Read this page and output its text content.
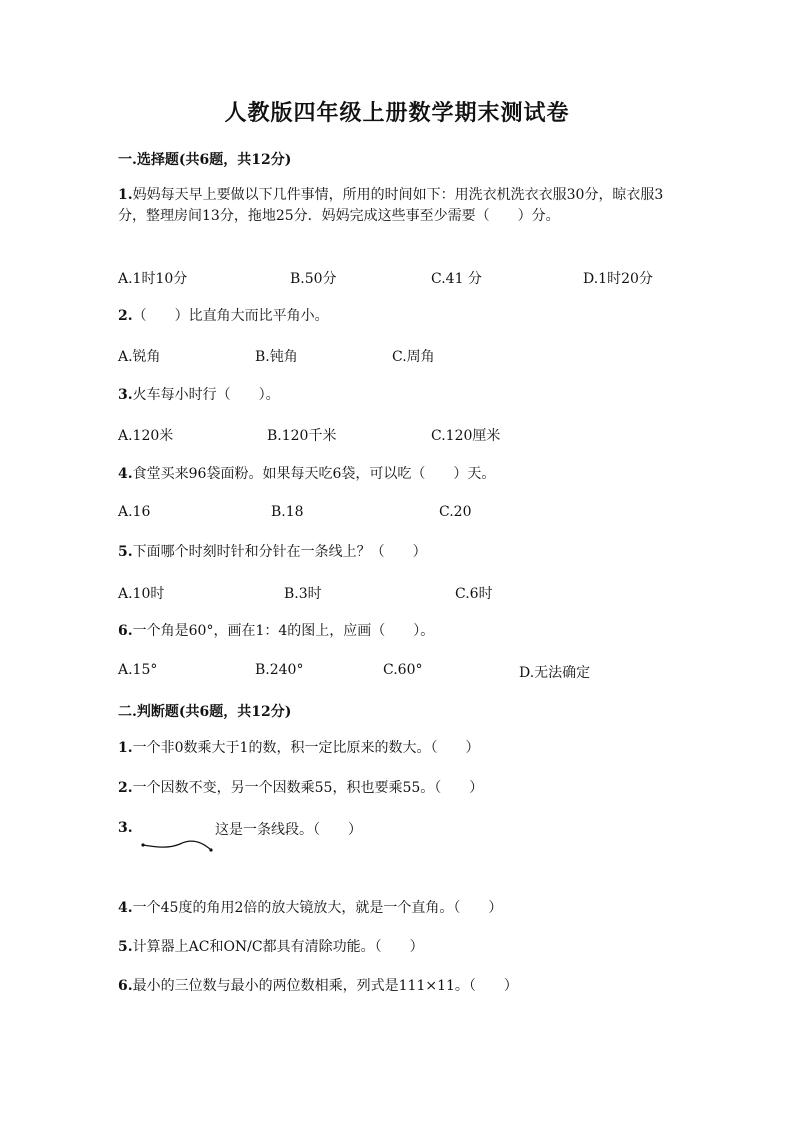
人教版四年级上册数学期末测试卷
一.选择题(共6题，共12分)
1.妈妈每天早上要做以下几件事情，所用的时间如下：用洗衣机洗衣衣服30分，晾衣服3分，整理房间13分，拖地25分．妈妈完成这些事至少需要（　　）分。
A.1时10分	B.50分	C.41 分	D.1时20分
2.（　　）比直角大而比平角小。
A.锐角	B.钝角	C.周角
3.火车每小时行（　　）。
A.120米	B.120千米	C.120厘米
4.食堂买来96袋面粉。如果每天吃6袋，可以吃（　　）天。
A.16	B.18	C.20
5.下面哪个时刻时针和分针在一条线上？（　　）
A.10时	B.3时	C.6时
6.一个角是60°，画在1：4的图上，应画（　　）。
A.15°	B.240°	C.60°	D.无法确定
二.判断题(共6题，共12分)
1.一个非0数乘大于1的数，积一定比原来的数大。（　　）
2.一个因数不变，另一个因数乘55，积也要乘55。（　　）
3.	这是一条线段。（　　）
4.一个45度的角用2倍的放大镜放大，就是一个直角。（　　）
5.计算器上AC和ON/C都具有清除功能。（　　）
6.最小的三位数与最小的两位数相乘，列式是111×11。（　　）
